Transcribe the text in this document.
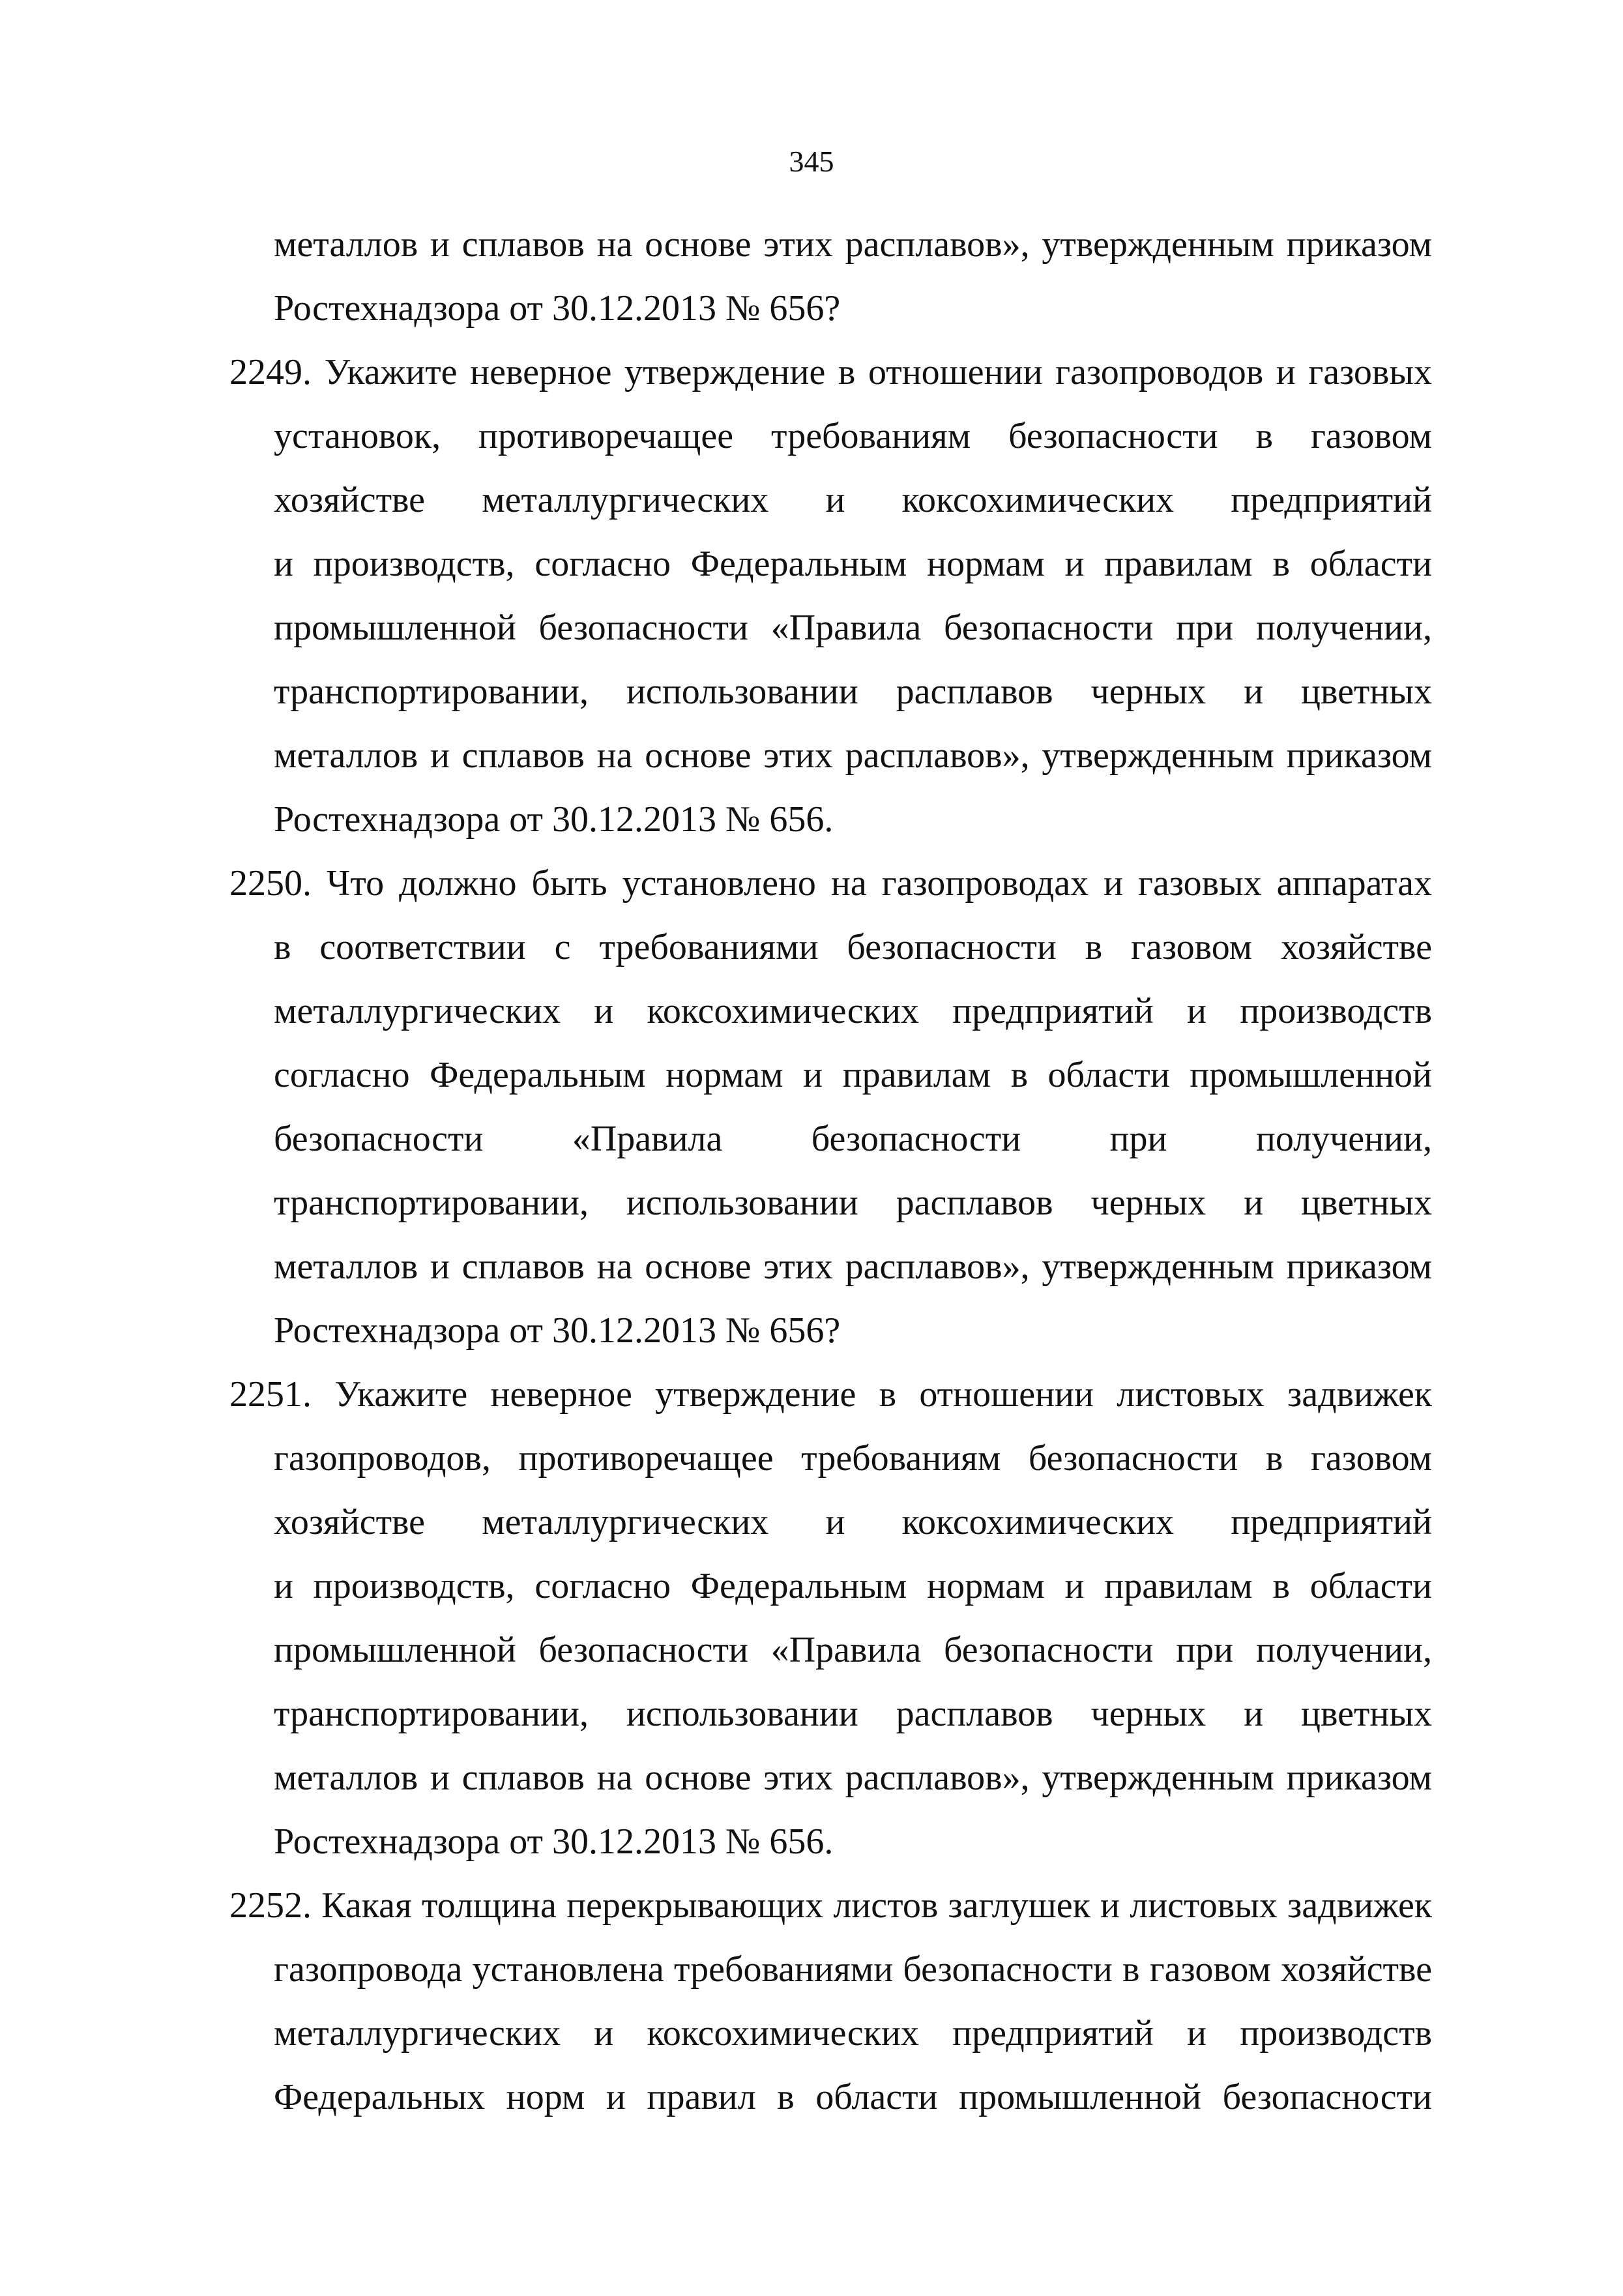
345
металлов и сплавов на основе этих расплавов», утвержденным приказом
Ростехнадзора от 30.12.2013 № 656?
2249. Укажите неверное утверждение в отношении газопроводов и газовых
установок, противоречащее требованиям безопасности в газовом
хозяйстве металлургических и коксохимических предприятий
и производств, согласно Федеральным нормам и правилам в области
промышленной безопасности «Правила безопасности при получении,
транспортировании, использовании расплавов черных и цветных
металлов и сплавов на основе этих расплавов», утвержденным приказом
Ростехнадзора от 30.12.2013 № 656.
2250. Что должно быть установлено на газопроводах и газовых аппаратах
в соответствии с требованиями безопасности в газовом хозяйстве
металлургических и коксохимических предприятий и производств
согласно Федеральным нормам и правилам в области промышленной
безопасности «Правила безопасности при получении,
транспортировании, использовании расплавов черных и цветных
металлов и сплавов на основе этих расплавов», утвержденным приказом
Ростехнадзора от 30.12.2013 № 656?
2251. Укажите неверное утверждение в отношении листовых задвижек
газопроводов, противоречащее требованиям безопасности в газовом
хозяйстве металлургических и коксохимических предприятий
и производств, согласно Федеральным нормам и правилам в области
промышленной безопасности «Правила безопасности при получении,
транспортировании, использовании расплавов черных и цветных
металлов и сплавов на основе этих расплавов», утвержденным приказом
Ростехнадзора от 30.12.2013 № 656.
2252. Какая толщина перекрывающих листов заглушек и листовых задвижек
газопровода установлена требованиями безопасности в газовом хозяйстве
металлургических и коксохимических предприятий и производств
Федеральных норм и правил в области промышленной безопасности
